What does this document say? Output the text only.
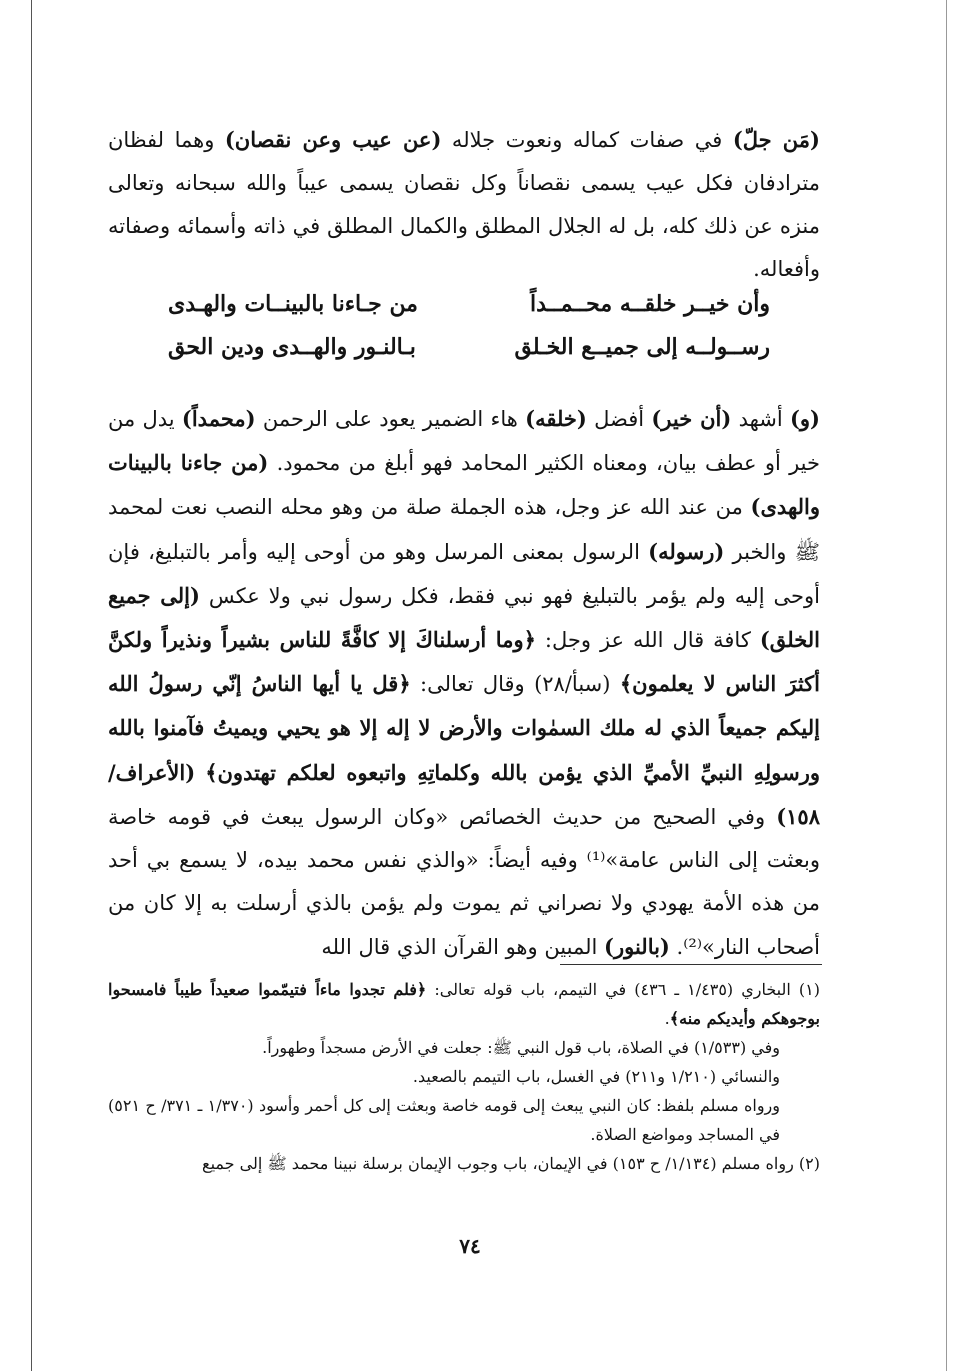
(مَن جلّ) في صفات كماله ونعوت جلاله (عن عيب وعن نقصان) وهما لفظان مترادفان فكل عيب يسمى نقصاناً وكل نقصان يسمى عيباً والله سبحانه وتعالى منزه عن ذلك كله، بل له الجلال المطلق والكمال المطلق في ذاته وأسمائه وصفاته وأفعاله.

وأن خيــر خلقــه محــمــداً
من جـاءنا بالبينــات والهـدى
رســولــه إلى جميــع الخـلق
بـالنـور والهــدى ودين الحق

(و) أشهد (أن خير) أفضل (خلقه) هاء الضمير يعود على الرحمن (محمداً) يدل من خير أو عطف بيان، ومعناه الكثير المحامد فهو أبلغ من محمود. (من جاءنا بالبينات والهدى) من عند الله عز وجل، هذه الجملة صلة من وهو محله النصب نعت لمحمد ﷺ والخبر (رسوله) الرسول بمعنى المرسل وهو من أوحى إليه وأمر بالتبليغ، فإن أوحى إليه ولم يؤمر بالتبليغ فهو نبي فقط، فكل رسول نبي ولا عكس (إلى جميع الخلق) كافة قال الله عز وجل: ﴿وما أرسلناكَ إلا كافَّةً للناس بشيراً ونذيراً ولكنَّ أكثرَ الناس لا يعلمون﴾ (سبأ/٢٨) وقال تعالى: ﴿قل يا أيها الناسُ إنّي رسولُ الله إليكم جميعاً الذي له ملك السمٰوات والأرض لا إله إلا هو يحيي ويميتُ فآمنوا بالله ورسولِهِ النبيِّ الأميِّ الذي يؤمن بالله وكلماتِهِ واتبعوه لعلكم تهتدون﴾ (الأعراف/١٥٨) وفي الصحيح من حديث الخصائص «وكان الرسول يبعث في قومه خاصة وبعثت إلى الناس عامة»⁽¹⁾ وفيه أيضاً: «والذي نفس محمد بيده، لا يسمع بي أحد من هذه الأمة يهودي ولا نصراني ثم يموت ولم يؤمن بالذي أرسلت به إلا كان من أصحاب النار»⁽²⁾. (بالنور) المبين وهو القرآن الذي قال الله

(١) البخاري (١/٤٣٥ ـ ٤٣٦) في التيمم، باب قوله تعالى: ﴿فلم تجدوا ماءاً فتيمّموا صعيداً طيباً فامسحوا بوجوهكم وأيديكم منه﴾.

وفي (١/٥٣٣) في الصلاة، باب قول النبي ﷺ: جعلت في الأرض مسجداً وطهوراً.

والنسائي (١/٢١٠ و٢١١) في الغسل، باب التيمم بالصعيد.

ورواه مسلم بلفظ: كان النبي يبعث إلى قومه خاصة وبعثت إلى كل أحمر وأسود (١/٣٧٠ ـ ٣٧١/ ح ٥٢١) في المساجد ومواضع الصلاة.

(٢) رواه مسلم (١/١٣٤/ ح ١٥٣) في الإيمان، باب وجوب الإيمان برسلة نبينا محمد ﷺ إلى جميع

٧٤
